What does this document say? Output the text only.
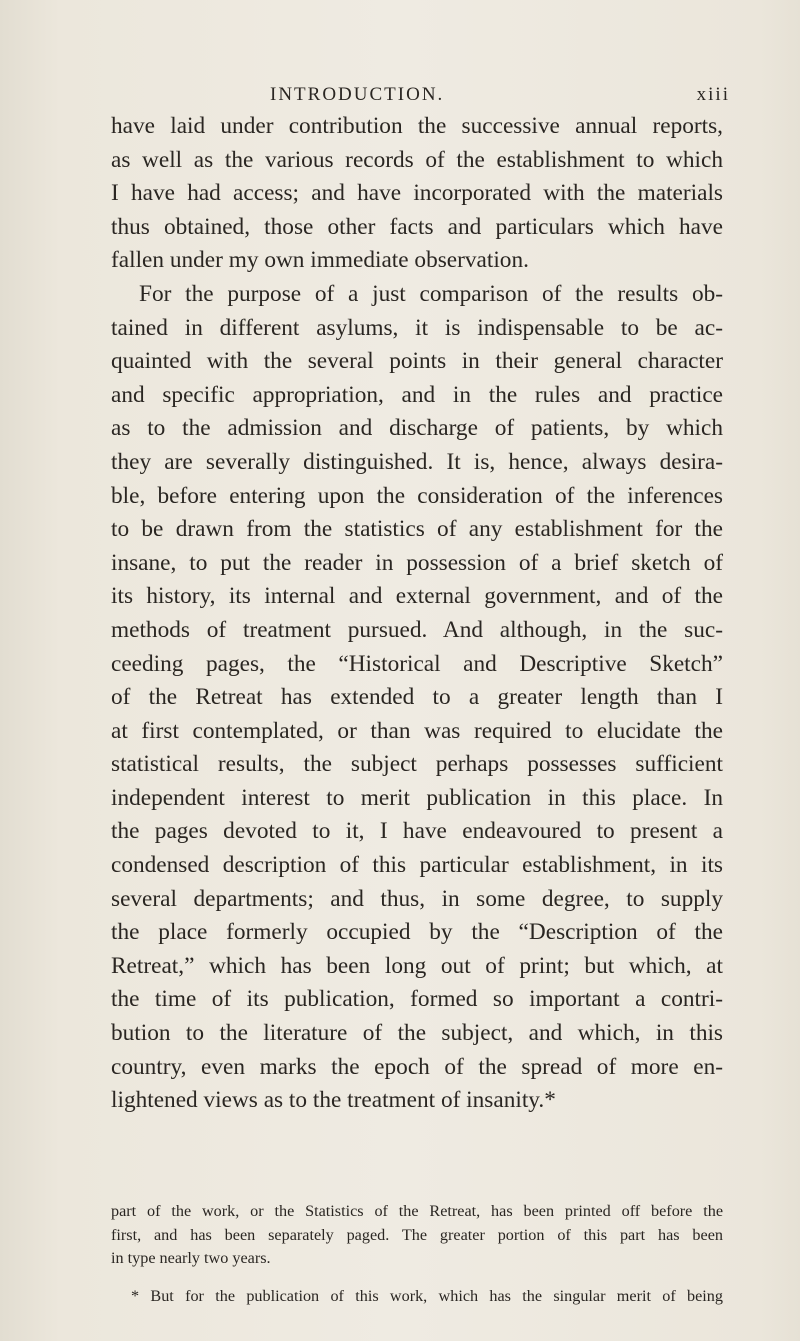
INTRODUCTION.	xiii
have laid under contribution the successive annual reports,
as well as the various records of the establishment to which
I have had access; and have incorporated with the materials
thus obtained, those other facts and particulars which have
fallen under my own immediate observation.
For the purpose of a just comparison of the results ob-
tained in different asylums, it is indispensable to be ac-
quainted with the several points in their general character
and specific appropriation, and in the rules and practice
as to the admission and discharge of patients, by which
they are severally distinguished. It is, hence, always desira-
ble, before entering upon the consideration of the inferences
to be drawn from the statistics of any establishment for the
insane, to put the reader in possession of a brief sketch of
its history, its internal and external government, and of the
methods of treatment pursued. And although, in the suc-
ceeding pages, the “Historical and Descriptive Sketch”
of the Retreat has extended to a greater length than I
at first contemplated, or than was required to elucidate the
statistical results, the subject perhaps possesses sufficient
independent interest to merit publication in this place. In
the pages devoted to it, I have endeavoured to present a
condensed description of this particular establishment, in its
several departments; and thus, in some degree, to supply
the place formerly occupied by the “Description of the
Retreat,” which has been long out of print; but which, at
the time of its publication, formed so important a contri-
bution to the literature of the subject, and which, in this
country, even marks the epoch of the spread of more en-
lightened views as to the treatment of insanity.*
part of the work, or the Statistics of the Retreat, has been printed off before the
first, and has been separately paged. The greater portion of this part has been
in type nearly two years.
* But for the publication of this work, which has the singular merit of being
